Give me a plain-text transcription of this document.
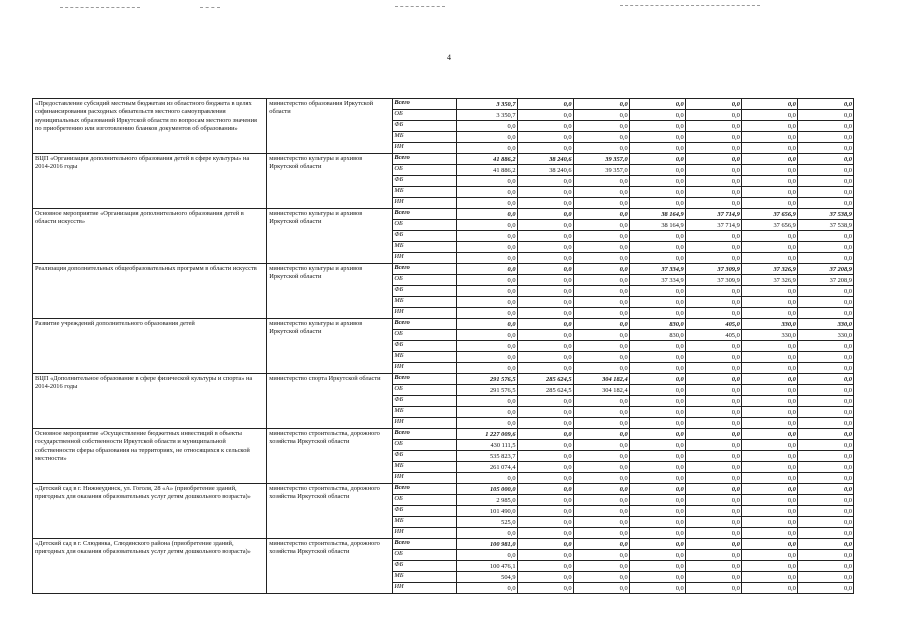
4
«Предоставление субсидий местным бюджетам из областного бюджета в целях софинансирования расходных обязательств местного самоуправления муниципальных образований Иркутской области по вопросам местного значения по приобретению или изготовлению бланков документов об образовании»	министерство образования Иркутской области	Всего	3 350,7	0,0	0,0	0,0	0,0	0,0	0,0
		ОБ	3 350,7	0,0	0,0	0,0	0,0	0,0	0,0
		ФБ	0,0	0,0	0,0	0,0	0,0	0,0	0,0
		МБ	0,0	0,0	0,0	0,0	0,0	0,0	0,0
		ИИ	0,0	0,0	0,0	0,0	0,0	0,0	0,0
ВЦП «Организация дополнительного образования детей в сфере культуры» на 2014-2016 годы	министерство культуры и архивов Иркутской области	Всего	41 886,2	38 240,6	39 357,0	0,0	0,0	0,0	0,0
		ОБ	41 886,2	38 240,6	39 357,0	0,0	0,0	0,0	0,0
		ФБ	0,0	0,0	0,0	0,0	0,0	0,0	0,0
		МБ	0,0	0,0	0,0	0,0	0,0	0,0	0,0
		ИИ	0,0	0,0	0,0	0,0	0,0	0,0	0,0
Основное мероприятие «Организация дополнительного образования детей в области искусств»	министерство культуры и архивов Иркутской области	Всего	0,0	0,0	0,0	38 164,9	37 714,9	37 656,9	37 538,9
		ОБ	0,0	0,0	0,0	38 164,9	37 714,9	37 656,9	37 538,9
		ФБ	0,0	0,0	0,0	0,0	0,0	0,0	0,0
		МБ	0,0	0,0	0,0	0,0	0,0	0,0	0,0
		ИИ	0,0	0,0	0,0	0,0	0,0	0,0	0,0
Реализация дополнительных общеобразовательных программ в области искусств	министерство культуры и архивов Иркутской области	Всего	0,0	0,0	0,0	37 334,9	37 309,9	37 326,9	37 208,9
		ОБ	0,0	0,0	0,0	37 334,9	37 309,9	37 326,9	37 208,9
		ФБ	0,0	0,0	0,0	0,0	0,0	0,0	0,0
		МБ	0,0	0,0	0,0	0,0	0,0	0,0	0,0
		ИИ	0,0	0,0	0,0	0,0	0,0	0,0	0,0
Развитие учреждений дополнительного образования детей	министерство культуры и архивов Иркутской области	Всего	0,0	0,0	0,0	830,0	405,0	330,0	330,0
		ОБ	0,0	0,0	0,0	830,0	405,0	330,0	330,0
		ФБ	0,0	0,0	0,0	0,0	0,0	0,0	0,0
		МБ	0,0	0,0	0,0	0,0	0,0	0,0	0,0
		ИИ	0,0	0,0	0,0	0,0	0,0	0,0	0,0
ВЦП «Дополнительное образование в сфере физической культуры и спорта» на 2014-2016 годы	министерство спорта Иркутской области	Всего	291 576,5	285 624,5	304 182,4	0,0	0,0	0,0	0,0
		ОБ	291 576,5	285 624,5	304 182,4	0,0	0,0	0,0	0,0
		ФБ	0,0	0,0	0,0	0,0	0,0	0,0	0,0
		МБ	0,0	0,0	0,0	0,0	0,0	0,0	0,0
		ИИ	0,0	0,0	0,0	0,0	0,0	0,0	0,0
Основное мероприятие «Осуществление бюджетных инвестиций в объекты государственной собственности Иркутской области и муниципальной собственности сферы образования на территориях, не относящихся к сельской местности»	министерство строительства, дорожного хозяйства Иркутской области	Всего	1 227 009,6	0,0	0,0	0,0	0,0	0,0	0,0
		ОБ	430 111,5	0,0	0,0	0,0	0,0	0,0	0,0
		ФБ	535 823,7	0,0	0,0	0,0	0,0	0,0	0,0
		МБ	261 074,4	0,0	0,0	0,0	0,0	0,0	0,0
		ИИ	0,0	0,0	0,0	0,0	0,0	0,0	0,0
«Детский сад в г. Нижнеудинск, ул. Гоголя, 28 «А» (приобретение зданий, пригодных для оказания образовательных услуг детям дошкольного возраста)»	министерство строительства, дорожного хозяйства Иркутской области	Всего	105 000,0	0,0	0,0	0,0	0,0	0,0	0,0
		ОБ	2 985,0	0,0	0,0	0,0	0,0	0,0	0,0
		ФБ	101 490,0	0,0	0,0	0,0	0,0	0,0	0,0
		МБ	525,0	0,0	0,0	0,0	0,0	0,0	0,0
		ИИ	0,0	0,0	0,0	0,0	0,0	0,0	0,0
«Детский сад в г. Слюдянка, Слюдянского района (приобретение зданий, пригодных для оказания образовательных услуг детям дошкольного возраста)»	министерство строительства, дорожного хозяйства Иркутской области	Всего	100 981,0	0,0	0,0	0,0	0,0	0,0	0,0
		ОБ	0,0	0,0	0,0	0,0	0,0	0,0	0,0
		ФБ	100 476,1	0,0	0,0	0,0	0,0	0,0	0,0
		МБ	504,9	0,0	0,0	0,0	0,0	0,0	0,0
		ИИ	0,0	0,0	0,0	0,0	0,0	0,0	0,0
